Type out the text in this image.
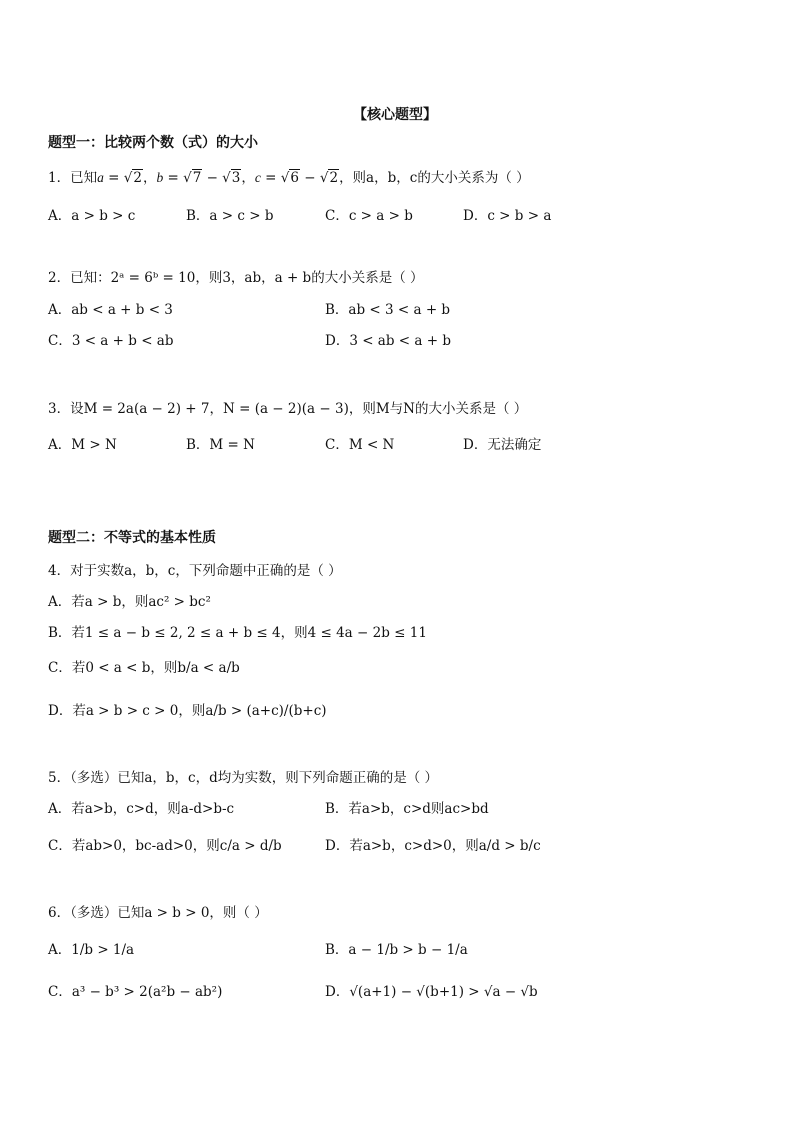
【核心题型】
题型一：比较两个数（式）的大小
1．已知a = √2，b = √7 − √3，c = √6 − √2，则a，b，c的大小关系为（ ）
A．a > b > c	B．a > c > b	C．c > a > b	D．c > b > a
2．已知：2ᵃ = 6ᵇ = 10，则3，ab，a + b的大小关系是（ ）
A．ab < a + b < 3	B．ab < 3 < a + b
C．3 < a + b < ab	D．3 < ab < a + b
3．设M = 2a(a − 2) + 7，N = (a − 2)(a − 3)，则M与N的大小关系是（ ）
A．M > N	B．M = N	C．M < N	D．无法确定
题型二：不等式的基本性质
4．对于实数a，b，c，下列命题中正确的是（ ）
A．若a > b，则ac² > bc²
B．若1 ≤ a − b ≤ 2, 2 ≤ a + b ≤ 4，则4 ≤ 4a − 2b ≤ 11
C．若0 < a < b，则b/a < a/b
D．若a > b > c > 0，则a/b > (a+c)/(b+c)
5．（多选）已知a，b，c，d均为实数，则下列命题正确的是（ ）
A．若a>b，c>d，则a-d>b-c	B．若a>b，c>d则ac>bd
C．若ab>0，bc-ad>0，则c/a > d/b	D．若a>b，c>d>0，则a/d > b/c
6．（多选）已知a > b > 0，则（ ）
A．1/b > 1/a	B．a − 1/b > b − 1/a
C．a³ − b³ > 2(a²b − ab²)	D．√(a+1) − √(b+1) > √a − √b
